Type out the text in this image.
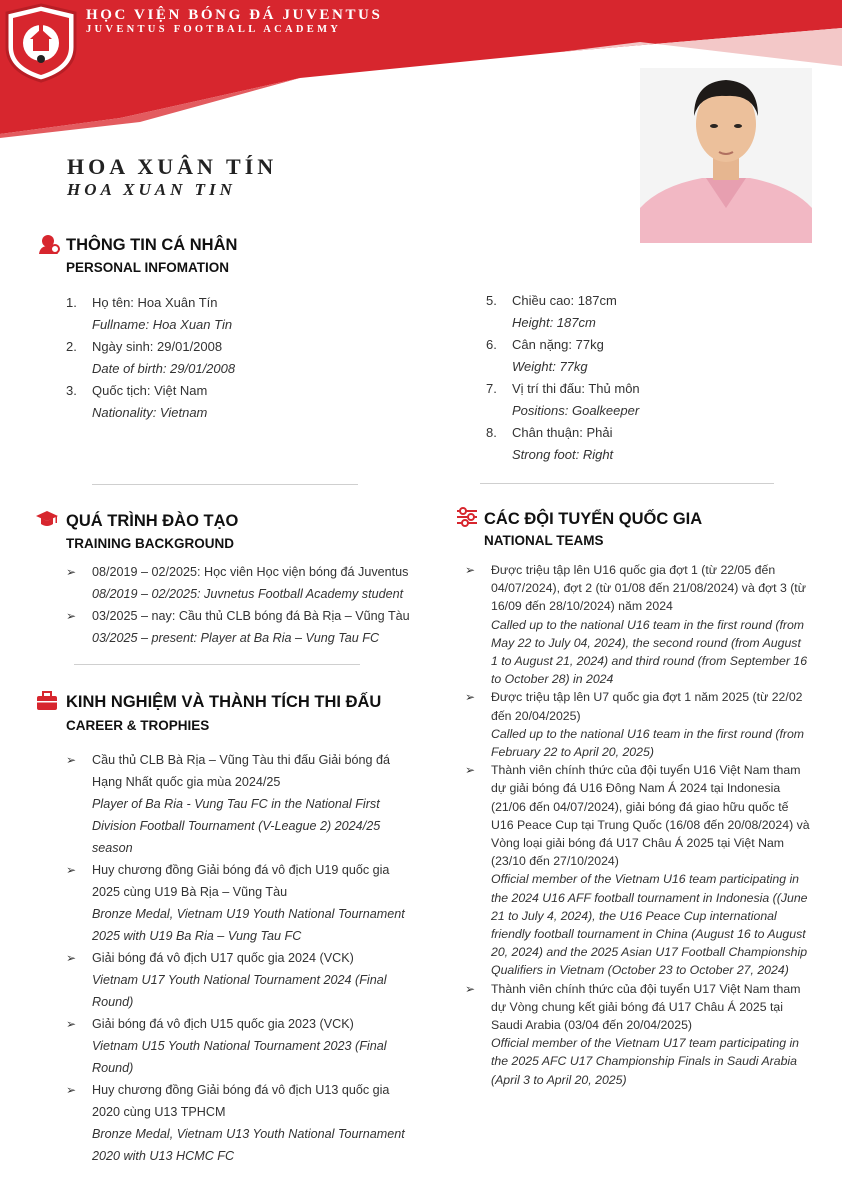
HỌC VIỆN BÓNG ĐÁ JUVENTUS
JUVENTUS FOOTBALL ACADEMY
HOA XUÂN TÍN
HOA XUAN TIN
THÔNG TIN CÁ NHÂN
PERSONAL INFOMATION
1.	Họ tên: Hoa Xuân Tín
Fullname: Hoa Xuan Tin
2.	Ngày sinh: 29/01/2008
Date of birth: 29/01/2008
3.	Quốc tịch: Việt Nam
Nationality: Vietnam
5.	Chiều cao: 187cm
Height: 187cm
6.	Cân nặng: 77kg
Weight: 77kg
7.	Vị trí thi đấu: Thủ môn
Positions: Goalkeeper
8.	Chân thuận: Phải
Strong foot: Right
QUÁ TRÌNH ĐÀO TẠO
TRAINING BACKGROUND
➢ 08/2019 – 02/2025: Học viên Học viện bóng đá Juventus
08/2019 – 02/2025: Juvnetus Football Academy student
➢ 03/2025 – nay: Cầu thủ CLB bóng đá Bà Rịa – Vũng Tàu
03/2025 – present: Player at Ba Ria – Vung Tau FC
KINH NGHIỆM VÀ THÀNH TÍCH THI ĐẤU
CAREER & TROPHIES
➢ Cầu thủ CLB Bà Rịa – Vũng Tàu thi đấu Giải bóng đá Hạng Nhất quốc gia mùa 2024/25
Player of Ba Ria - Vung Tau FC in the National First Division Football Tournament (V-League 2) 2024/25 season
➢ Huy chương đồng Giải bóng đá vô địch U19 quốc gia 2025 cùng U19 Bà Rịa – Vũng Tàu
Bronze Medal, Vietnam U19 Youth National Tournament 2025 with U19 Ba Ria – Vung Tau FC
➢ Giải bóng đá vô địch U17 quốc gia 2024 (VCK)
Vietnam U17 Youth National Tournament 2024 (Final Round)
➢ Giải bóng đá vô địch U15 quốc gia 2023 (VCK)
Vietnam U15 Youth National Tournament 2023 (Final Round)
➢ Huy chương đồng Giải bóng đá vô địch U13 quốc gia 2020 cùng U13 TPHCM
Bronze Medal, Vietnam U13 Youth National Tournament 2020 with U13 HCMC FC
CÁC ĐỘI TUYỂN QUỐC GIA
NATIONAL TEAMS
➢ Được triệu tập lên U16 quốc gia đợt 1 (từ 22/05 đến 04/07/2024), đợt 2 (từ 01/08 đến 21/08/2024) và đợt 3 (từ 16/09 đến 28/10/2024) năm 2024
Called up to the national U16 team in the first round (from May 22 to July 04, 2024), the second round (from August 1 to August 21, 2024) and third round (from September 16 to October 28) in 2024
➢ Được triệu tập lên U7 quốc gia đợt 1 năm 2025 (từ 22/02 đến 20/04/2025)
Called up to the national U16 team in the first round (from February 22 to April 20, 2025)
➢ Thành viên chính thức của đội tuyển U16 Việt Nam tham dự giải bóng đá U16 Đông Nam Á 2024 tại Indonesia (21/06 đến 04/07/2024), giải bóng đá giao hữu quốc tế U16 Peace Cup tại Trung Quốc (16/08 đến 20/08/2024) và Vòng loại giải bóng đá U17 Châu Á 2025 tại Việt Nam (23/10 đến 27/10/2024)
Official member of the Vietnam U16 team participating in the 2024 U16 AFF football tournament in Indonesia ((June 21 to July 4, 2024), the U16 Peace Cup international friendly football tournament in China (August 16 to August 20, 2024) and the 2025 Asian U17 Football Championship Qualifiers in Vietnam (October 23 to October 27, 2024)
➢ Thành viên chính thức của đội tuyển U17 Việt Nam tham dự Vòng chung kết giải bóng đá U17 Châu Á 2025 tại Saudi Arabia (03/04 đến 20/04/2025)
Official member of the Vietnam U17 team participating in the 2025 AFC U17 Championship Finals in Saudi Arabia (April 3 to April 20, 2025)
